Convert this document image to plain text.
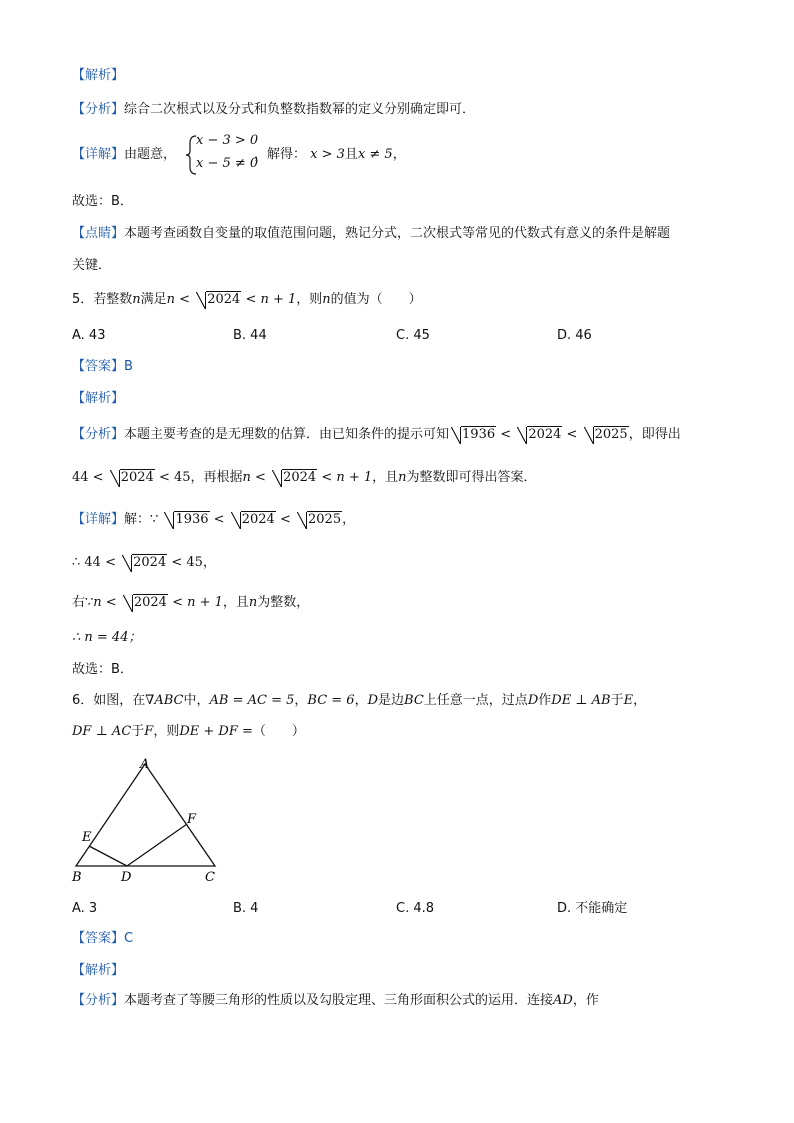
【解析】
【分析】综合二次根式以及分式和负整数指数幂的定义分别确定即可．
【详解】由题意，
x − 3 > 0
x − 5 ≠ 0
，解得： x > 3且x ≠ 5，
故选：B．
【点睛】本题考查函数自变量的取值范围问题，熟记分式，二次根式等常见的代数式有意义的条件是解题
关键．
5．若整数n满足n < 2024 < n + 1，则n的值为（　　）
A. 43	B. 44	C. 45	D. 46
【答案】B
【解析】
【分析】本题主要考查的是无理数的估算．由已知条件的提示可知 1936 < 2024 < 2025，即得出
44 < 2024 < 45，再根据n < 2024 < n + 1，且n为整数即可得出答案．
【详解】解：∵ 1936 < 2024 < 2025，
∴ 44 < 2024 < 45，
右∵n < 2024 < n + 1，且n为整数，
∴ n = 44；
故选：B．
6．如图，在∇ABC中，AB = AC = 5，BC = 6，D是边BC上任意一点，过点D作DE ⊥ AB于E，
DF ⊥ AC于F，则DE + DF =（　　）
A
E
F
B	D	C
A. 3	B. 4	C. 4.8	D. 不能确定
【答案】C
【解析】
【分析】本题考查了等腰三角形的性质以及勾股定理、三角形面积公式的运用．连接AD，作
